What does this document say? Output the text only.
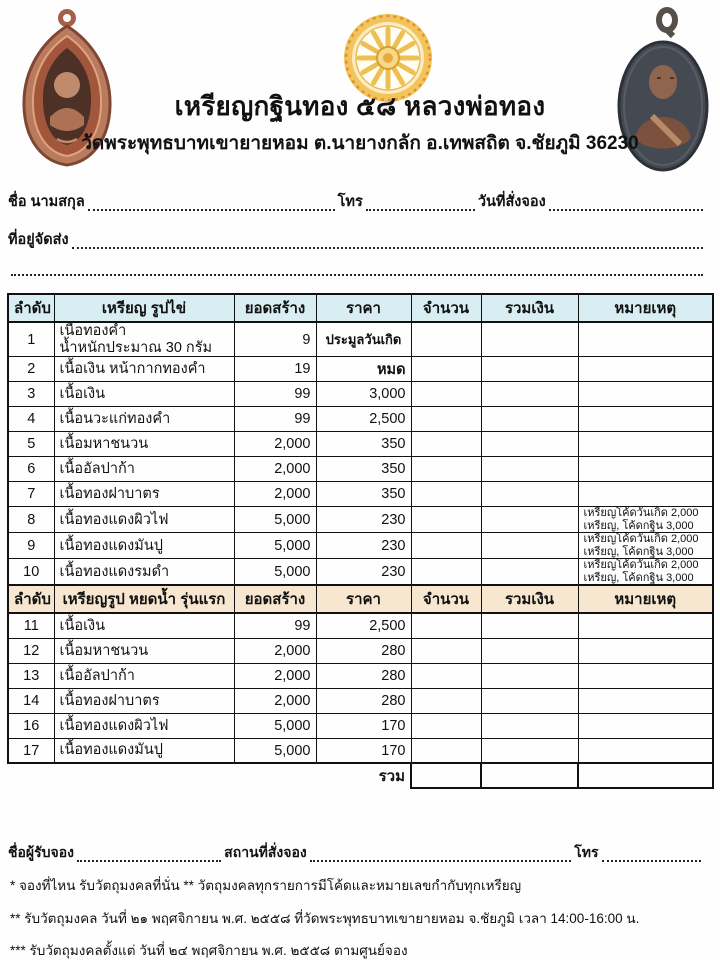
เหรียญกฐินทอง ๕๘ หลวงพ่อทอง
วัดพระพุทธบาทเขายายหอม ต.นายางกลัก อ.เทพสถิต จ.ชัยภูมิ 36230
ชื่อ นามสกุล	โทร	วันที่สั่งจอง
ที่อยู่จัดส่ง
ลำดับ	เหรียญ รูปไข่	ยอดสร้าง	ราคา	จำนวน	รวมเงิน	หมายเหตุ
1	เนื้อทองคำ
น้ำหนักประมาณ 30 กรัม	9	ประมูลวันเกิด			
2	เนื้อเงิน หน้ากากทองคำ	19	หมด			
3	เนื้อเงิน	99	3,000			
4	เนื้อนวะแก่ทองคำ	99	2,500			
5	เนื้อมหาชนวน	2,000	350			
6	เนื้ออัลปาก้า	2,000	350			
7	เนื้อทองฝาบาตร	2,000	350			
8	เนื้อทองแดงผิวไฟ	5,000	230			เหรียญโค้ดวันเกิด 2,000
เหรียญ, โค้ดกฐิน 3,000

9	เนื้อทองแดงมันปู	5,000	230			เหรียญโค้ดวันเกิด 2,000
เหรียญ, โค้ดกฐิน 3,000

10	เนื้อทองแดงรมดำ	5,000	230			เหรียญโค้ดวันเกิด 2,000
เหรียญ, โค้ดกฐิน 3,000

ลำดับ	เหรียญรูป หยดน้ำ รุ่นแรก	ยอดสร้าง	ราคา	จำนวน	รวมเงิน	หมายเหตุ
11	เนื้อเงิน	99	2,500			
12	เนื้อมหาชนวน	2,000	280			
13	เนื้ออัลปาก้า	2,000	280			
14	เนื้อทองฝาบาตร	2,000	280			
16	เนื้อทองแดงผิวไฟ	5,000	170			
17	เนื้อทองแดงมันปู	5,000	170			
			รวม			
ชื่อผู้รับจอง	สถานที่สั่งจอง	โทร
* จองที่ไหน รับวัตถุมงคลที่นั่น ** วัตถุมงคลทุกรายการมีโค้ดและหมายเลขกำกับทุกเหรียญ
** รับวัตถุมงคล วันที่ ๒๑ พฤศจิกายน พ.ศ. ๒๕๕๘ ที่วัดพระพุทธบาทเขายายหอม จ.ชัยภูมิ เวลา 14:00-16:00 น.
*** รับวัตถุมงคลตั้งแต่ วันที่ ๒๔ พฤศจิกายน พ.ศ. ๒๕๕๘ ตามศูนย์จอง
